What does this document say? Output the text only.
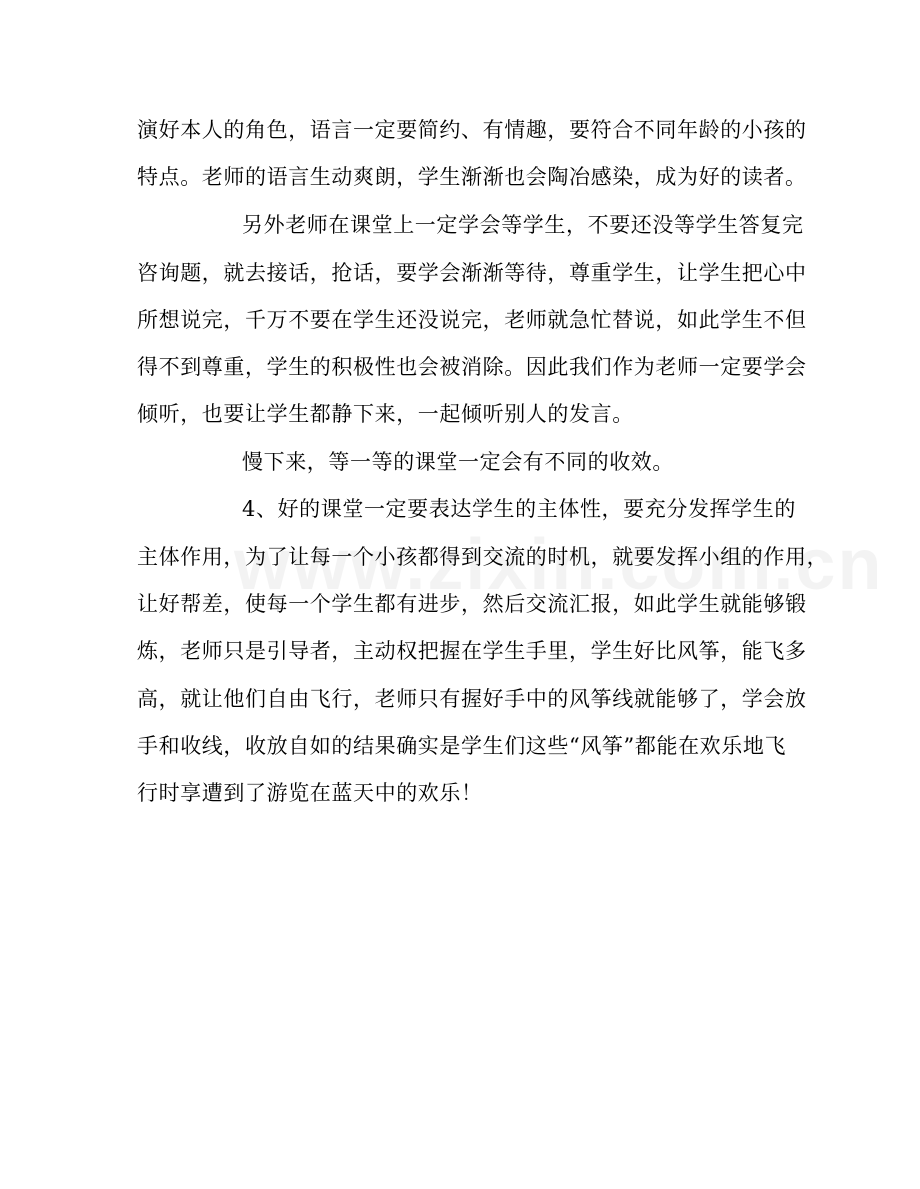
演好本人的角色，语言一定要简约、有情趣，要符合不同年龄的小孩的
特点。老师的语言生动爽朗，学生渐渐也会陶冶感染，成为好的读者。
另外老师在课堂上一定学会等学生，不要还没等学生答复完
咨询题，就去接话，抢话，要学会渐渐等待，尊重学生，让学生把心中
所想说完，千万不要在学生还没说完，老师就急忙替说，如此学生不但
得不到尊重，学生的积极性也会被消除。因此我们作为老师一定要学会
倾听，也要让学生都静下来，一起倾听别人的发言。
慢下来，等一等的课堂一定会有不同的收效。
4、好的课堂一定要表达学生的主体性，要充分发挥学生的
主体作用，为了让每一个小孩都得到交流的时机，就要发挥小组的作用，
让好帮差，使每一个学生都有进步，然后交流汇报，如此学生就能够锻
炼，老师只是引导者，主动权把握在学生手里，学生好比风筝，能飞多
高，就让他们自由飞行，老师只有握好手中的风筝线就能够了，学会放
手和收线，收放自如的结果确实是学生们这些“风筝”都能在欢乐地飞
行时享遭到了游览在蓝天中的欢乐！
